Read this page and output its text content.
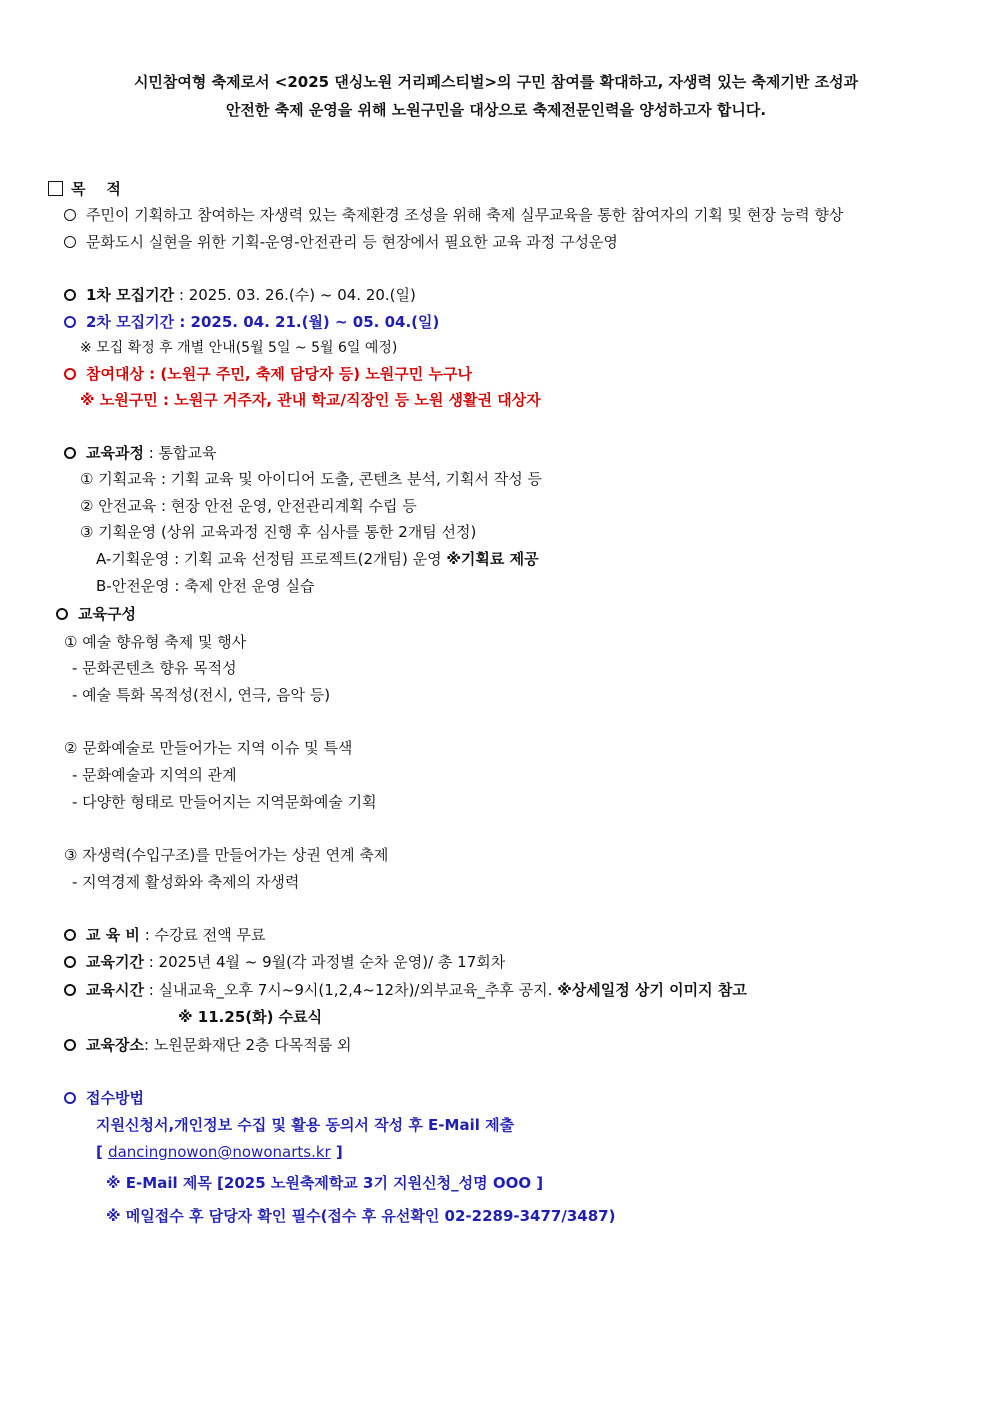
시민참여형 축제로서 <2025 댄싱노원 거리페스티벌>의 구민 참여를 확대하고, 자생력 있는 축제기반 조성과
안전한 축제 운영을 위해 노원구민을 대상으로 축제전문인력을 양성하고자 합니다.
목    적
주민이 기획하고 참여하는 자생력 있는 축제환경 조성을 위해 축제 실무교육을 통한 참여자의 기획 및 현장 능력 향상
문화도시 실현을 위한 기획-운영-안전관리 등 현장에서 필요한 교육 과정 구성운영
1차 모집기간 : 2025. 03. 26.(수) ~ 04. 20.(일)
2차 모집기간 : 2025. 04. 21.(월) ~ 05. 04.(일)
※ 모집 확정 후 개별 안내(5월 5일 ~ 5월 6일 예정)
참여대상 : (노원구 주민, 축제 담당자 등) 노원구민 누구나
※ 노원구민 : 노원구 거주자, 관내 학교/직장인 등 노원 생활권 대상자
교육과정 : 통합교육
① 기획교육 : 기획 교육 및 아이디어 도출, 콘텐츠 분석, 기획서 작성 등
② 안전교육 : 현장 안전 운영, 안전관리계획 수립 등
③ 기획운영 (상위 교육과정 진행 후 심사를 통한 2개팀 선정)
A-기획운영 : 기획 교육 선정팀 프로젝트(2개팀) 운영 ※기획료 제공
B-안전운영 : 축제 안전 운영 실습
교육구성
① 예술 향유형 축제 및 행사
- 문화콘텐츠 향유 목적성
- 예술 특화 목적성(전시, 연극, 음악 등)
② 문화예술로 만들어가는 지역 이슈 및 특색
- 문화예술과 지역의 관계
- 다양한 형태로 만들어지는 지역문화예술 기획
③ 자생력(수입구조)를 만들어가는 상권 연계 축제
- 지역경제 활성화와 축제의 자생력
교 육 비 : 수강료 전액 무료
교육기간 : 2025년 4월 ~ 9월(각 과정별 순차 운영)/ 총 17회차
교육시간 : 실내교육_오후 7시~9시(1,2,4~12차)/외부교육_추후 공지. ※상세일정 상기 이미지 참고
※ 11.25(화) 수료식
교육장소: 노원문화재단 2층 다목적룸 외
접수방법
지원신청서,개인정보 수집 및 활용 동의서 작성 후 E-Mail 제출
[ dancingnowon@nowonarts.kr ]
※ E-Mail 제목 [2025 노원축제학교 3기 지원신청_성명 OOO ]
※ 메일접수 후 담당자 확인 필수(접수 후 유선확인 02-2289-3477/3487)
